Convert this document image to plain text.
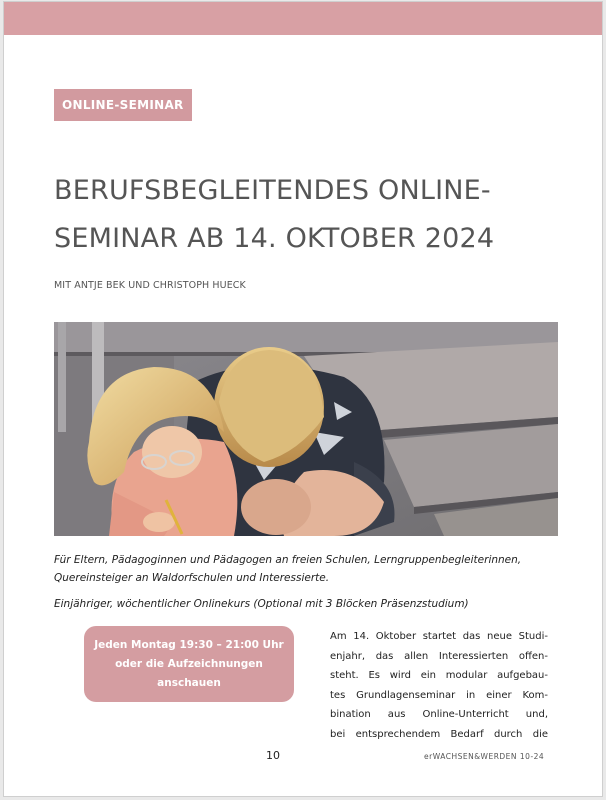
ONLINE-SEMINAR
BERUFSBEGLEITENDES ONLINE-
SEMINAR AB 14. OKTOBER 2024
MIT ANTJE BEK UND CHRISTOPH HUECK
Für Eltern, Pädagoginnen und Pädagogen an freien Schulen, Lerngruppenbegleiterinnen,
Quereinsteiger an Waldorfschulen und Interessierte.
Einjähriger, wöchentlicher Onlinekurs (Optional mit 3 Blöcken Präsenzstudium)
Jeden Montag 19:30 – 21:00 Uhr
oder die Aufzeichnungen
anschauen
Am 14. Oktober startet das neue Studi-
enjahr, das allen Interessierten offen-
steht. Es wird ein modular aufgebau-
tes Grundlagenseminar in einer Kom-
bination aus Online-Unterricht und,
bei entsprechendem Bedarf durch die
10	erWACHSEN&WERDEN 10-24
